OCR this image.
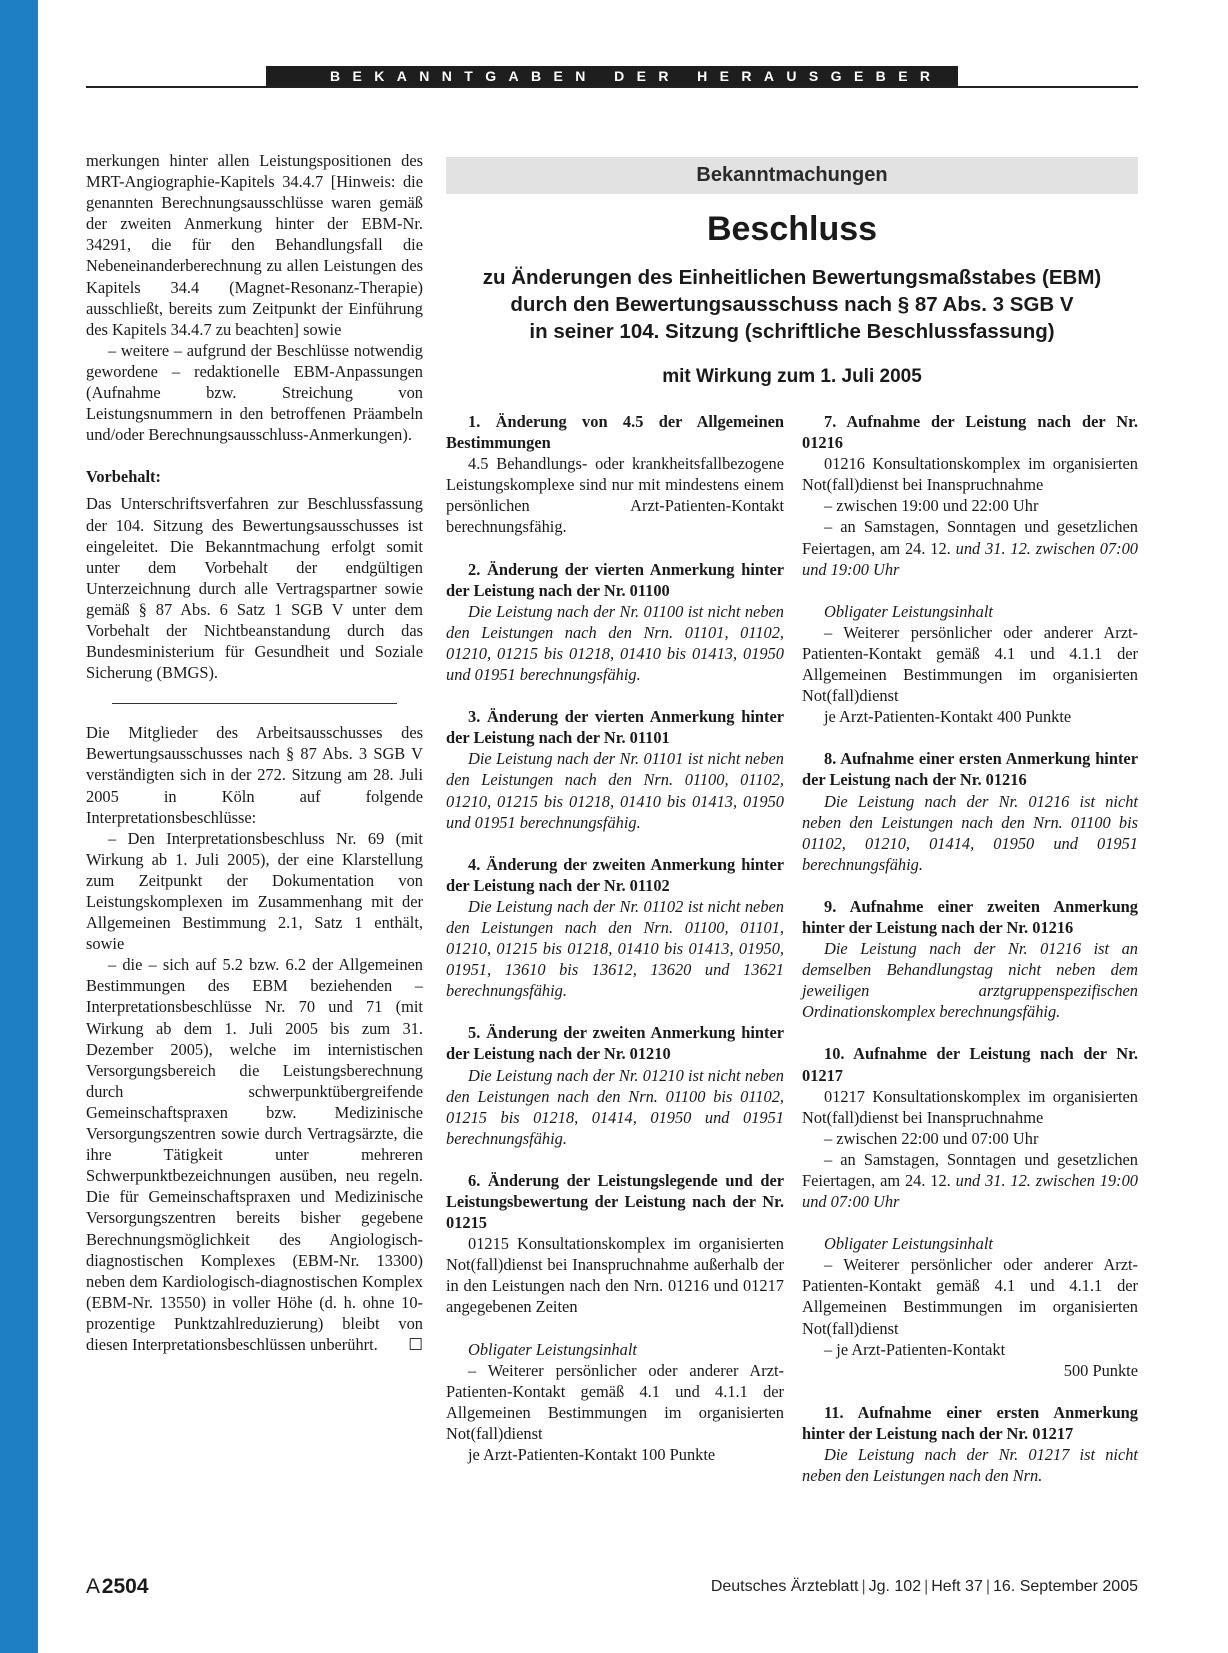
BEKANNTGABEN DER HERAUSGEBER

merkungen hinter allen Leistungspositionen des MRT-Angiographie-Kapitels 34.4.7 [Hinweis: die genannten Berechnungsausschlüsse waren gemäß der zweiten Anmerkung hinter der EBM-Nr. 34291, die für den Behandlungsfall die Nebeneinanderberechnung zu allen Leistungen des Kapitels 34.4 (Magnet-Resonanz-Therapie) ausschließt, bereits zum Zeitpunkt der Einführung des Kapitels 34.4.7 zu beachten] sowie

– weitere – aufgrund der Beschlüsse notwendig gewordene – redaktionelle EBM-Anpassungen (Aufnahme bzw. Streichung von Leistungsnummern in den betroffenen Präambeln und/oder Berechnungsausschluss-Anmerkungen).

Vorbehalt:

Das Unterschriftsverfahren zur Beschlussfassung der 104. Sitzung des Bewertungsausschusses ist eingeleitet. Die Bekanntmachung erfolgt somit unter dem Vorbehalt der endgültigen Unterzeichnung durch alle Vertragspartner sowie gemäß § 87 Abs. 6 Satz 1 SGB V unter dem Vorbehalt der Nichtbeanstandung durch das Bundesministerium für Gesundheit und Soziale Sicherung (BMGS).

Die Mitglieder des Arbeitsausschusses des Bewertungsausschusses nach § 87 Abs. 3 SGB V verständigten sich in der 272. Sitzung am 28. Juli 2005 in Köln auf folgende Interpretationsbeschlüsse:

– Den Interpretationsbeschluss Nr. 69 (mit Wirkung ab 1. Juli 2005), der eine Klarstellung zum Zeitpunkt der Dokumentation von Leistungskomplexen im Zusammenhang mit der Allgemeinen Bestimmung 2.1, Satz 1 enthält, sowie

– die – sich auf 5.2 bzw. 6.2 der Allgemeinen Bestimmungen des EBM beziehenden – Interpretationsbeschlüsse Nr. 70 und 71 (mit Wirkung ab dem 1. Juli 2005 bis zum 31. Dezember 2005), welche im internistischen Versorgungsbereich die Leistungsberechnung durch schwerpunktübergreifende Gemeinschaftspraxen bzw. Medizinische Versorgungszentren sowie durch Vertragsärzte, die ihre Tätigkeit unter mehreren Schwerpunktbezeichnungen ausüben, neu regeln. Die für Gemeinschaftspraxen und Medizinische Versorgungszentren bereits bisher gegebene Berechnungsmöglichkeit des Angiologisch-diagnostischen Komplexes (EBM-Nr. 13300) neben dem Kardiologisch-diagnostischen Komplex (EBM-Nr. 13550) in voller Höhe (d. h. ohne 10-prozentige Punktzahlreduzierung) bleibt von diesen Interpretationsbeschlüssen unberührt.	☐

Bekanntmachungen
Beschluss
zu Änderungen des Einheitlichen Bewertungsmaßstabes (EBM)
durch den Bewertungsausschuss nach § 87 Abs. 3 SGB V
in seiner 104. Sitzung (schriftliche Beschlussfassung)
mit Wirkung zum 1. Juli 2005

1. Änderung von 4.5 der Allgemeinen Bestimmungen

4.5 Behandlungs- oder krankheitsfallbezogene Leistungskomplexe sind nur mit mindestens einem persönlichen Arzt-Patienten-Kontakt berechnungsfähig.

2. Änderung der vierten Anmerkung hinter der Leistung nach der Nr. 01100

Die Leistung nach der Nr. 01100 ist nicht neben den Leistungen nach den Nrn. 01101, 01102, 01210, 01215 bis 01218, 01410 bis 01413, 01950 und 01951 berechnungsfähig.

3. Änderung der vierten Anmerkung hinter der Leistung nach der Nr. 01101

Die Leistung nach der Nr. 01101 ist nicht neben den Leistungen nach den Nrn. 01100, 01102, 01210, 01215 bis 01218, 01410 bis 01413, 01950 und 01951 berechnungsfähig.

4. Änderung der zweiten Anmerkung hinter der Leistung nach der Nr. 01102

Die Leistung nach der Nr. 01102 ist nicht neben den Leistungen nach den Nrn. 01100, 01101, 01210, 01215 bis 01218, 01410 bis 01413, 01950, 01951, 13610 bis 13612, 13620 und 13621 berechnungsfähig.

5. Änderung der zweiten Anmerkung hinter der Leistung nach der Nr. 01210

Die Leistung nach der Nr. 01210 ist nicht neben den Leistungen nach den Nrn. 01100 bis 01102, 01215 bis 01218, 01414, 01950 und 01951 berechnungsfähig.

6. Änderung der Leistungslegende und der Leistungsbewertung der Leistung nach der Nr. 01215

01215 Konsultationskomplex im organisierten Not(fall)dienst bei Inanspruchnahme außerhalb der in den Leistungen nach den Nrn. 01216 und 01217 angegebenen Zeiten

Obligater Leistungsinhalt

– Weiterer persönlicher oder anderer Arzt-Patienten-Kontakt gemäß 4.1 und 4.1.1 der Allgemeinen Bestimmungen im organisierten Not(fall)dienst

je Arzt-Patienten-Kontakt 100 Punkte

7. Aufnahme der Leistung nach der Nr. 01216

01216 Konsultationskomplex im organisierten Not(fall)dienst bei Inanspruchnahme

– zwischen 19:00 und 22:00 Uhr

– an Samstagen, Sonntagen und gesetzlichen Feiertagen, am 24. 12. und 31. 12. zwischen 07:00 und 19:00 Uhr

Obligater Leistungsinhalt

– Weiterer persönlicher oder anderer Arzt-Patienten-Kontakt gemäß 4.1 und 4.1.1 der Allgemeinen Bestimmungen im organisierten Not(fall)dienst

je Arzt-Patienten-Kontakt 400 Punkte

8. Aufnahme einer ersten Anmerkung hinter der Leistung nach der Nr. 01216

Die Leistung nach der Nr. 01216 ist nicht neben den Leistungen nach den Nrn. 01100 bis 01102, 01210, 01414, 01950 und 01951 berechnungsfähig.

9. Aufnahme einer zweiten Anmerkung hinter der Leistung nach der Nr. 01216

Die Leistung nach der Nr. 01216 ist an demselben Behandlungstag nicht neben dem jeweiligen arztgruppenspezifischen Ordinationskomplex berechnungsfähig.

10. Aufnahme der Leistung nach der Nr. 01217

01217 Konsultationskomplex im organisierten Not(fall)dienst bei Inanspruchnahme

– zwischen 22:00 und 07:00 Uhr

– an Samstagen, Sonntagen und gesetzlichen Feiertagen, am 24. 12. und 31. 12. zwischen 19:00 und 07:00 Uhr

Obligater Leistungsinhalt

– Weiterer persönlicher oder anderer Arzt-Patienten-Kontakt gemäß 4.1 und 4.1.1 der Allgemeinen Bestimmungen im organisierten Not(fall)dienst

– je Arzt-Patienten-Kontakt

500 Punkte

11. Aufnahme einer ersten Anmerkung hinter der Leistung nach der Nr. 01217

Die Leistung nach der Nr. 01217 ist nicht neben den Leistungen nach den Nrn.

A 2504	Deutsches Ärzteblatt | Jg. 102 | Heft 37 | 16. September 2005
